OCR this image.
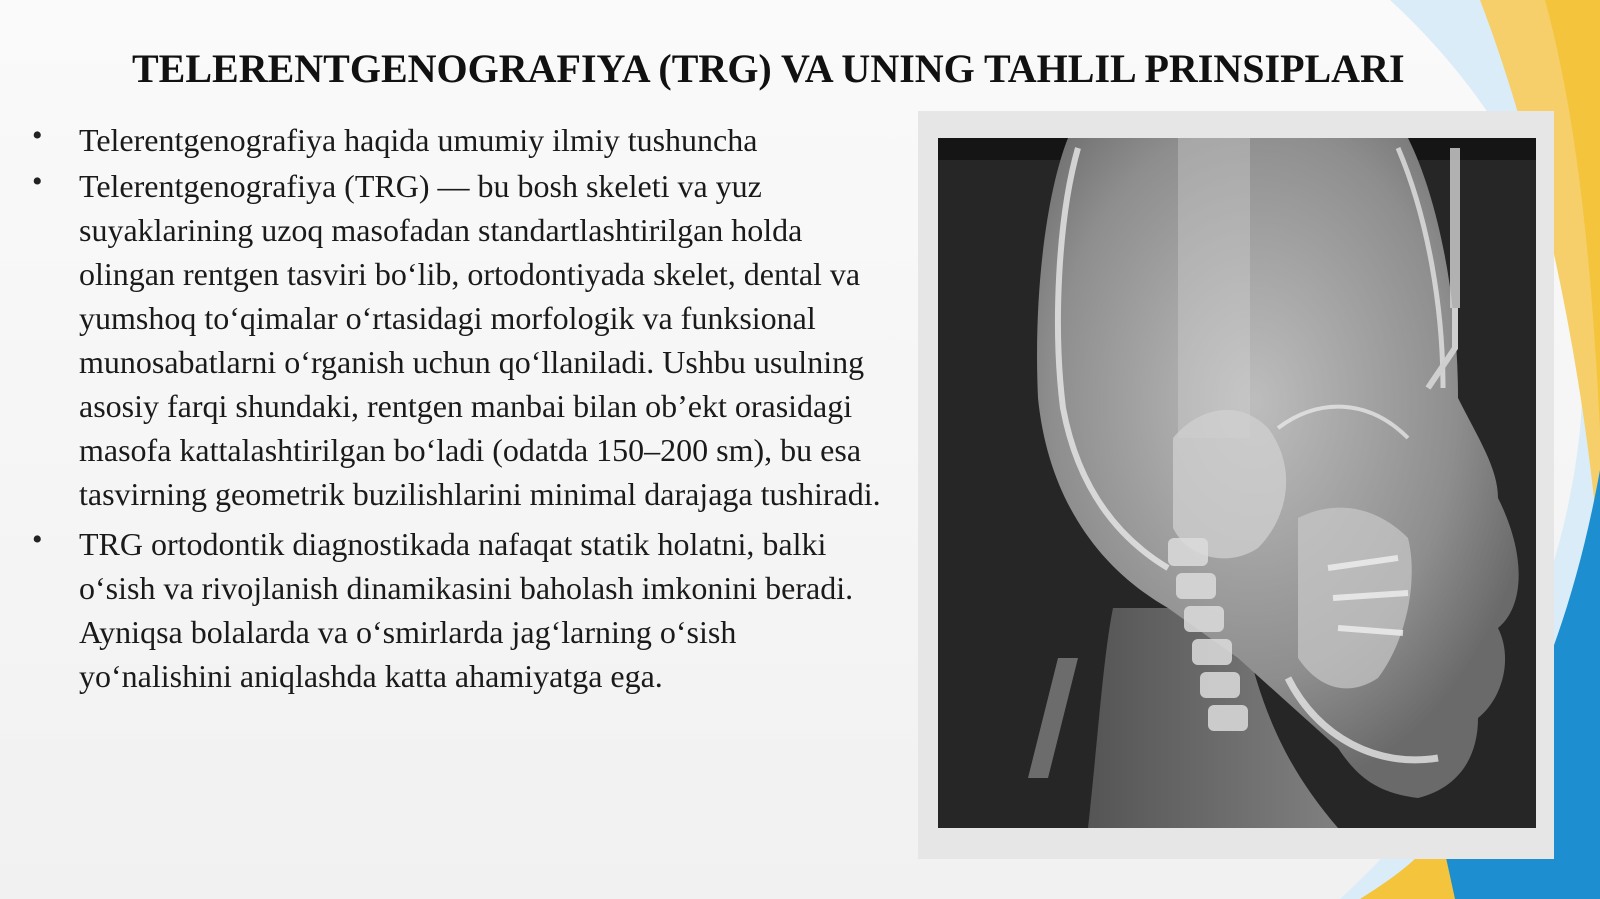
TELERENTGENOGRAFIYA (TRG) VA UNING TAHLIL PRINSIPLARI
• Telerentgenografiya haqida umumiy ilmiy tushuncha
• Telerentgenografiya (TRG) — bu bosh skeleti va yuz suyaklarining uzoq masofadan standartlashtirilgan holda olingan rentgen tasviri bo‘lib, ortodontiyada skelet, dental va yumshoq to‘qimalar o‘rtasidagi morfologik va funksional munosabatlarni o‘rganish uchun qo‘llaniladi. Ushbu usulning asosiy farqi shundaki, rentgen manbai bilan ob’ekt orasidagi masofa kattalashtirilgan bo‘ladi (odatda 150–200 sm), bu esa tasvirning geometrik buzilishlarini minimal darajaga tushiradi.
• TRG ortodontik diagnostikada nafaqat statik holatni, balki o‘sish va rivojlanish dinamikasini baholash imkonini beradi. Ayniqsa bolalarda va o‘smirlarda jag‘larning o‘sish yo‘nalishini aniqlashda katta ahamiyatga ega.
